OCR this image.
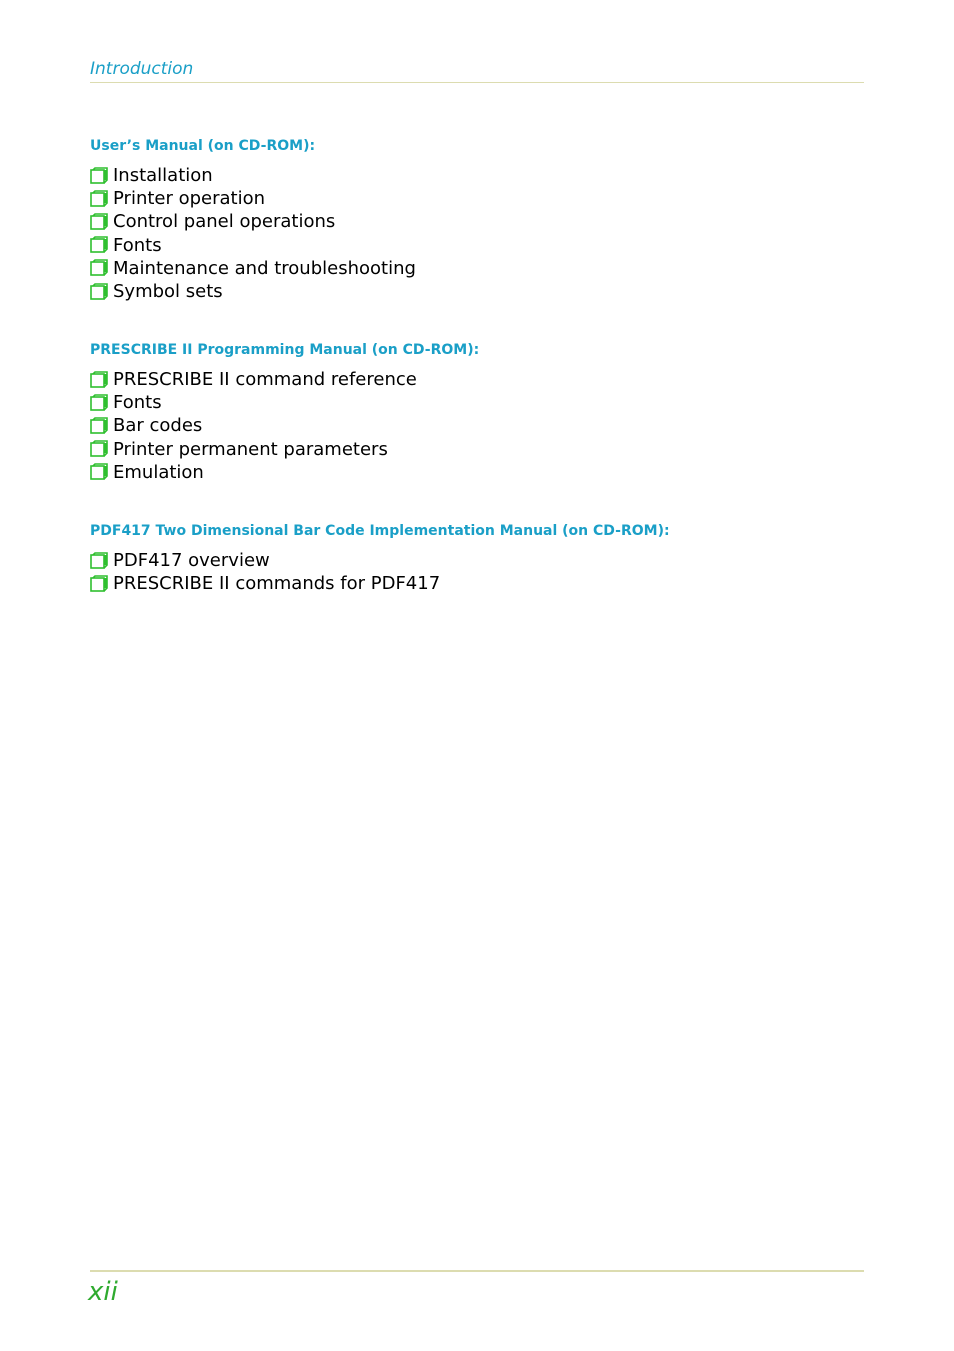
Introduction
User’s Manual (on CD-ROM):
Installation
Printer operation
Control panel operations
Fonts
Maintenance and troubleshooting
Symbol sets
PRESCRIBE II Programming Manual (on CD-ROM):
PRESCRIBE II command reference
Fonts
Bar codes
Printer permanent parameters
Emulation
PDF417 Two Dimensional Bar Code Implementation Manual (on CD-ROM):
PDF417 overview
PRESCRIBE II commands for PDF417
xii
